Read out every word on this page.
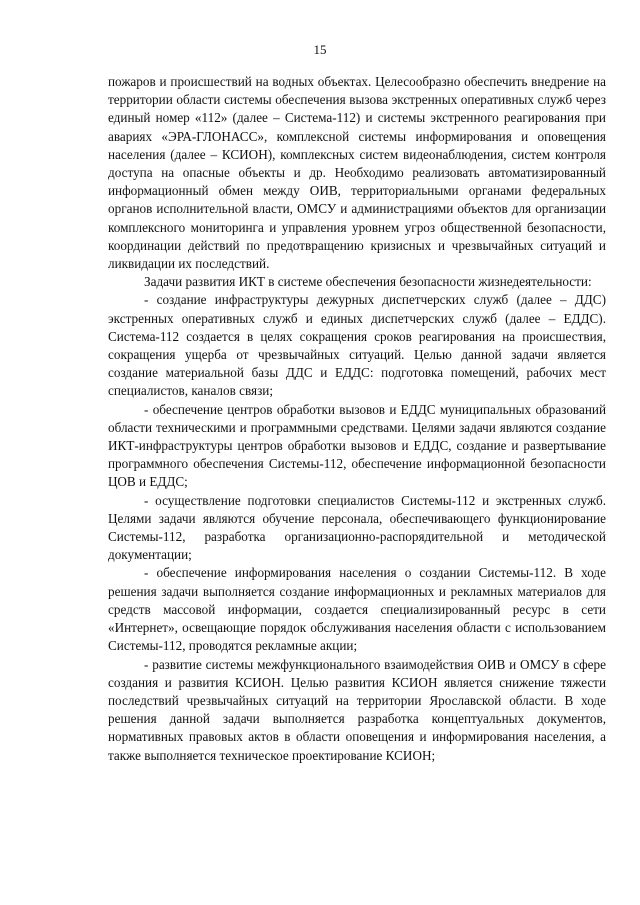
15

пожаров и происшествий на водных объектах. Целесообразно обеспечить внедрение на территории области системы обеспечения вызова экстренных оперативных служб через единый номер «112» (далее – Система-112) и системы экстренного реагирования при авариях «ЭРА-ГЛОНАСС», комплексной системы информирования и оповещения населения (далее – КСИОН), комплексных систем видеонаблюдения, систем контроля доступа на опасные объекты и др. Необходимо реализовать автоматизированный информационный обмен между ОИВ, территориальными органами федеральных органов исполнительной власти, ОМСУ и администрациями объектов для организации комплексного мониторинга и управления уровнем угроз общественной безопасности, координации действий по предотвращению кризисных и чрезвычайных ситуаций и ликвидации их последствий.

Задачи развития ИКТ в системе обеспечения безопасности жизнедеятельности:

- создание инфраструктуры дежурных диспетчерских служб (далее – ДДС) экстренных оперативных служб и единых диспетчерских служб (далее – ЕДДС). Система-112 создается в целях сокращения сроков реагирования на происшествия, сокращения ущерба от чрезвычайных ситуаций. Целью данной задачи является создание материальной базы ДДС и ЕДДС: подготовка помещений, рабочих мест специалистов, каналов связи;

- обеспечение центров обработки вызовов и ЕДДС муниципальных образований области техническими и программными средствами. Целями задачи являются создание ИКТ-инфраструктуры центров обработки вызовов и ЕДДС, создание и развертывание программного обеспечения Системы-112, обеспечение информационной безопасности ЦОВ и ЕДДС;

- осуществление подготовки специалистов Системы-112 и экстренных служб. Целями задачи являются обучение персонала, обеспечивающего функционирование Системы-112, разработка организационно-распорядительной и методической документации;

- обеспечение информирования населения о создании Системы-112. В ходе решения задачи выполняется создание информационных и рекламных материалов для средств массовой информации, создается специализированный ресурс в сети «Интернет», освещающие порядок обслуживания населения области с использованием Системы-112, проводятся рекламные акции;

- развитие системы межфункционального взаимодействия ОИВ и ОМСУ в сфере создания и развития КСИОН. Целью развития КСИОН является снижение тяжести последствий чрезвычайных ситуаций на территории Ярославской области. В ходе решения данной задачи выполняется разработка концептуальных документов, нормативных правовых актов в области оповещения и информирования населения, а также выполняется техническое проектирование КСИОН;
